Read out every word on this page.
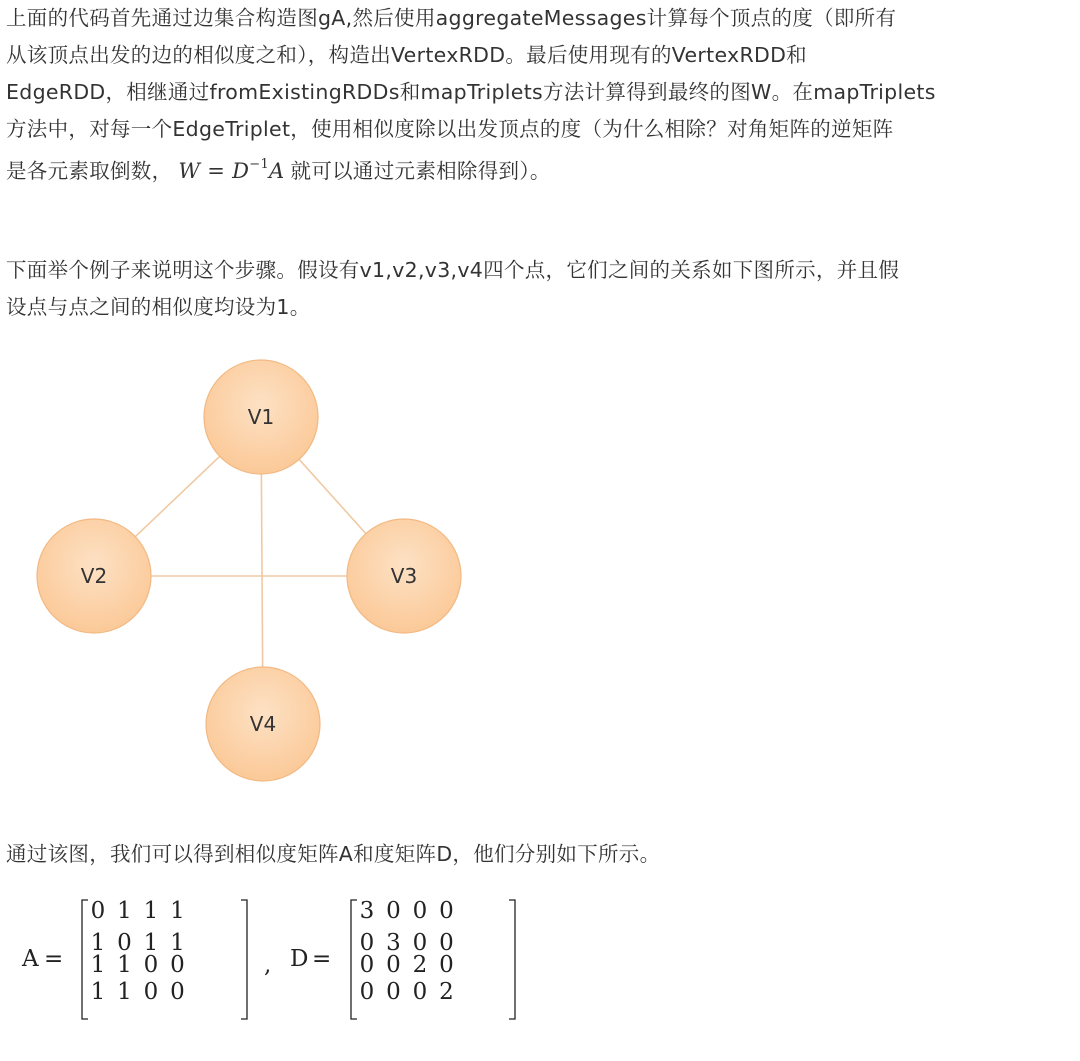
上面的代码首先通过边集合构造图gA,然后使用aggregateMessages计算每个顶点的度（即所有
从该顶点出发的边的相似度之和），构造出VertexRDD。最后使用现有的VertexRDD和
EdgeRDD，相继通过fromExistingRDDs和mapTriplets方法计算得到最终的图W。在mapTriplets
方法中，对每一个EdgeTriplet，使用相似度除以出发顶点的度（为什么相除？对角矩阵的逆矩阵
是各元素取倒数， $W = D^{-1}A$ 就可以通过元素相除得到）。
下面举个例子来说明这个步骤。假设有v1,v2,v3,v4四个点，它们之间的关系如下图所示，并且假
设点与点之间的相似度均设为1。
V1
V2	V3
V4
通过该图，我们可以得到相似度矩阵A和度矩阵D，他们分别如下所示。
A =
0 1 1 1
1 0 1 1
1 1 0 0
1 1 0 0
, D =
3 0 0 0
0 3 0 0
0 0 2 0
0 0 0 2
